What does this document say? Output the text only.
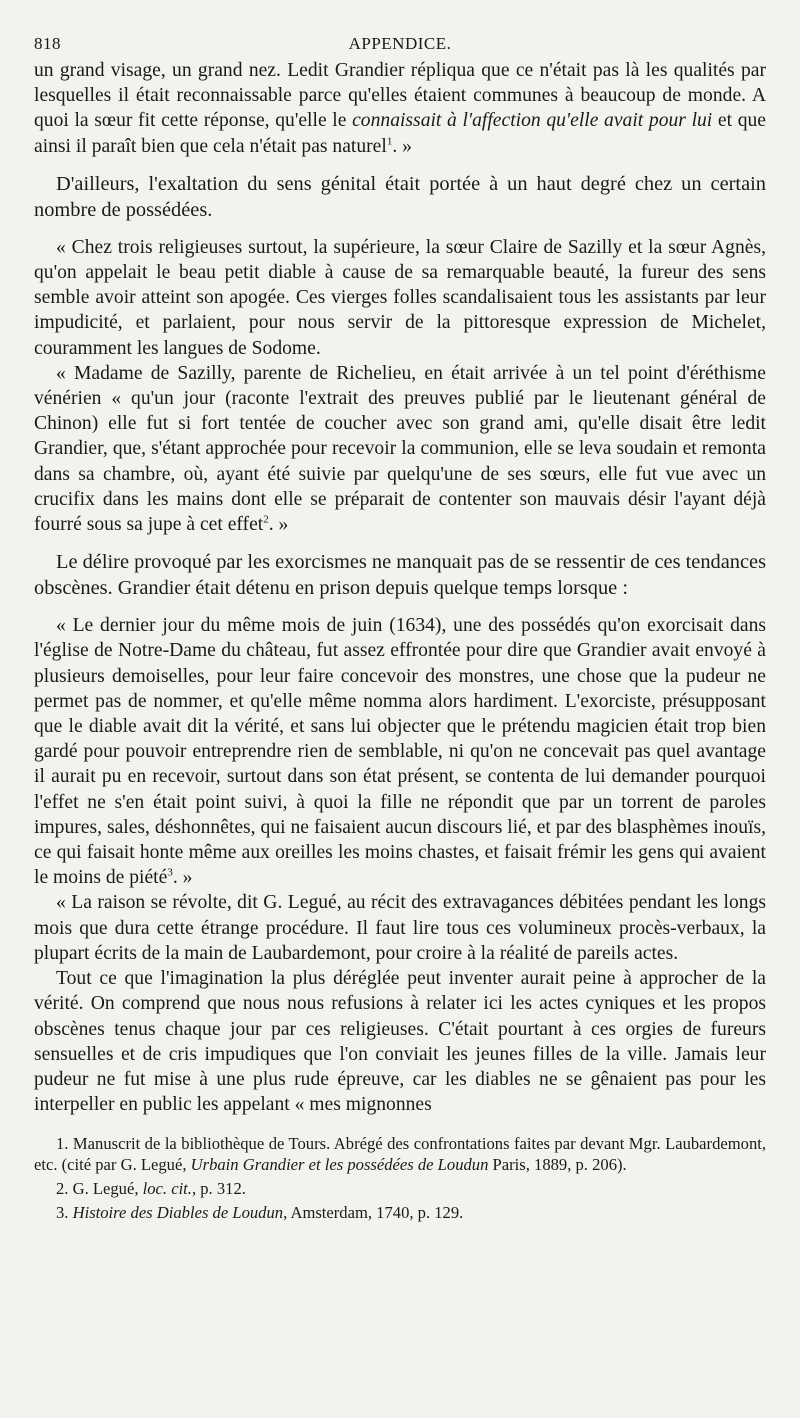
818	APPENDICE.

un grand visage, un grand nez. Ledit Grandier répliqua que ce n'était pas là les qualités par lesquelles il était reconnaissable parce qu'elles étaient communes à beaucoup de monde. A quoi la sœur fit cette réponse, qu'elle le connaissait à l'affection qu'elle avait pour lui et que ainsi il paraît bien que cela n'était pas naturel$^1$. »

D'ailleurs, l'exaltation du sens génital était portée à un haut degré chez un certain nombre de possédées.

« Chez trois religieuses surtout, la supérieure, la sœur Claire de Sazilly et la sœur Agnès, qu'on appelait le beau petit diable à cause de sa remarquable beauté, la fureur des sens semble avoir atteint son apogée. Ces vierges folles scandalisaient tous les assistants par leur impudicité, et parlaient, pour nous servir de la pittoresque expression de Michelet, couramment les langues de Sodome.

« Madame de Sazilly, parente de Richelieu, en était arrivée à un tel point d'éréthisme vénérien « qu'un jour (raconte l'extrait des preuves publié par le lieutenant général de Chinon) elle fut si fort tentée de coucher avec son grand ami, qu'elle disait être ledit Grandier, que, s'étant approchée pour recevoir la communion, elle se leva soudain et remonta dans sa chambre, où, ayant été suivie par quelqu'une de ses sœurs, elle fut vue avec un crucifix dans les mains dont elle se préparait de contenter son mauvais désir l'ayant déjà fourré sous sa jupe à cet effet$^2$. »

Le délire provoqué par les exorcismes ne manquait pas de se ressentir de ces tendances obscènes. Grandier était détenu en prison depuis quelque temps lorsque :

« Le dernier jour du même mois de juin (1634), une des possédés qu'on exorcisait dans l'église de Notre-Dame du château, fut assez effrontée pour dire que Grandier avait envoyé à plusieurs demoiselles, pour leur faire concevoir des monstres, une chose que la pudeur ne permet pas de nommer, et qu'elle même nomma alors hardiment. L'exorciste, présupposant que le diable avait dit la vérité, et sans lui objecter que le prétendu magicien était trop bien gardé pour pouvoir entreprendre rien de semblable, ni qu'on ne concevait pas quel avantage il aurait pu en recevoir, surtout dans son état présent, se contenta de lui demander pourquoi l'effet ne s'en était point suivi, à quoi la fille ne répondit que par un torrent de paroles impures, sales, déshonnêtes, qui ne faisaient aucun discours lié, et par des blasphèmes inouïs, ce qui faisait honte même aux oreilles les moins chastes, et faisait frémir les gens qui avaient le moins de piété$^3$. »

« La raison se révolte, dit G. Legué, au récit des extravagances débitées pendant les longs mois que dura cette étrange procédure. Il faut lire tous ces volumineux procès-verbaux, la plupart écrits de la main de Laubardemont, pour croire à la réalité de pareils actes.

Tout ce que l'imagination la plus déréglée peut inventer aurait peine à approcher de la vérité. On comprend que nous nous refusions à relater ici les actes cyniques et les propos obscènes tenus chaque jour par ces religieuses. C'était pourtant à ces orgies de fureurs sensuelles et de cris impudiques que l'on conviait les jeunes filles de la ville. Jamais leur pudeur ne fut mise à une plus rude épreuve, car les diables ne se gênaient pas pour les interpeller en public les appelant « mes mignonnes

1. Manuscrit de la bibliothèque de Tours. Abrégé des confrontations faites par devant Mgr. Laubardemont, etc. (cité par G. Legué, Urbain Grandier et les possédées de Loudun Paris, 1889, p. 206).

2. G. Legué, loc. cit., p. 312.

3. Histoire des Diables de Loudun, Amsterdam, 1740, p. 129.
